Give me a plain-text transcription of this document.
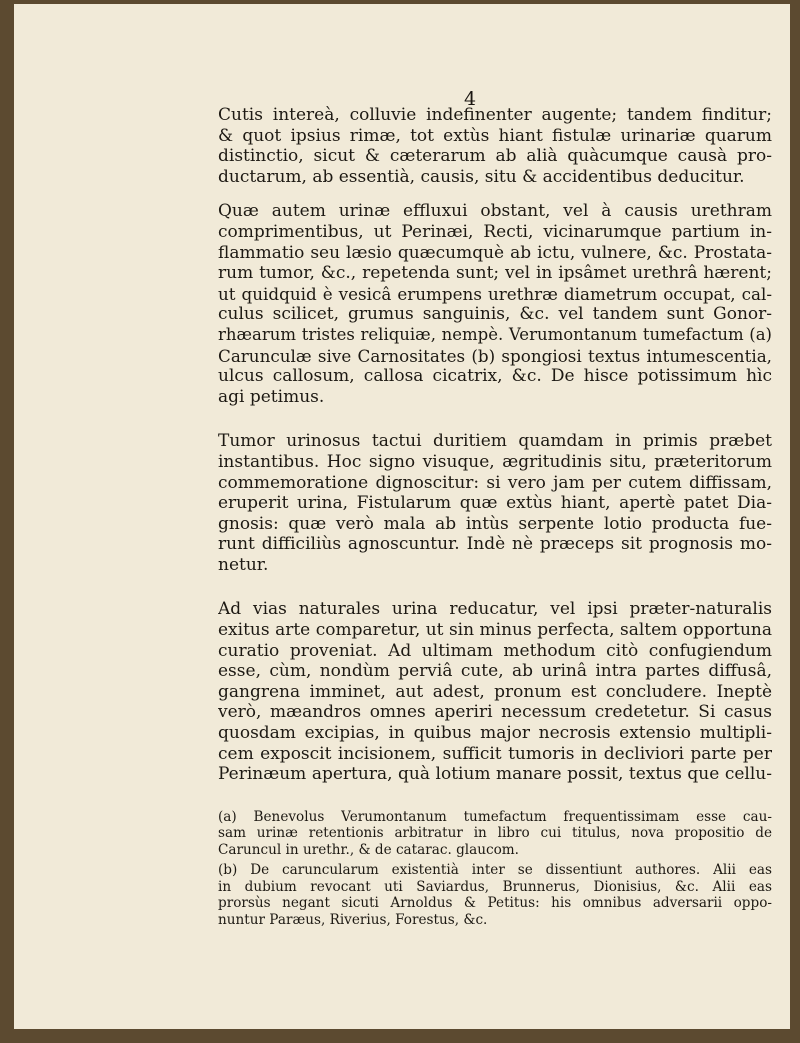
4
Cutis intereà, colluvie indefinenter augente; tandem finditur;
& quot ipsius rimæ, tot extùs hiant fistulæ urinariæ quarum
distinctio, sicut & cæterarum ab alià quàcumque causà pro-
ductarum, ab essentià, causis, situ & accidentibus deducitur.
Quæ autem urinæ effluxui obstant, vel à causis urethram
comprimentibus, ut Perinæi, Recti, vicinarumque partium in-
flammatio seu læsio quæcumquè ab ictu, vulnere, &c. Prostata-
rum tumor, &c., repetenda sunt; vel in ipsâmet urethrâ hærent;
ut quidquid è vesicâ erumpens urethræ diametrum occupat, cal-
culus scilicet, grumus sanguinis, &c. vel tandem sunt Gonor-
rhæarum tristes reliquiæ, nempè. Verumontanum tumefactum (a)
Carunculæ sive Carnositates (b) spongiosi textus intumescentia,
ulcus callosum, callosa cicatrix, &c. De hisce potissimum hìc
agi petimus.
Tumor urinosus tactui duritiem quamdam in primis præbet
instantibus. Hoc signo visuque, ægritudinis situ, præteritorum
commemoratione dignoscitur: si vero jam per cutem diffissam,
eruperit urina, Fistularum quæ extùs hiant, apertè patet Dia-
gnosis: quæ verò mala ab intùs serpente lotio producta fue-
runt difficiliùs agnoscuntur. Indè nè præceps sit prognosis mo-
netur.
Ad vias naturales urina reducatur, vel ipsi præter-naturalis
exitus arte comparetur, ut sin minus perfecta, saltem opportuna
curatio proveniat. Ad ultimam methodum citò confugiendum
esse, cùm, nondùm perviâ cute, ab urinâ intra partes diffusâ,
gangrena imminet, aut adest, pronum est concludere. Ineptè
verò, mæandros omnes aperiri necessum credetetur. Si casus
quosdam excipias, in quibus major necrosis extensio multipli-
cem exposcit incisionem, sufficit tumoris in decliviori parte per
Perinæum apertura, quà lotium manare possit, textus que cellu-
(a) Benevolus Verumontanum tumefactum frequentissimam esse cau-
sam urinæ retentionis arbitratur in libro cui titulus, nova propositio de
Caruncul in urethr., & de catarac. glaucom.
(b) De caruncularum existentià inter se dissentiunt authores. Alii eas
in dubium revocant uti Saviardus, Brunnerus, Dionisius, &c. Alii eas
prorsùs negant sicuti Arnoldus & Petitus: his omnibus adversarii oppo-
nuntur Paræus, Riverius, Forestus, &c.
